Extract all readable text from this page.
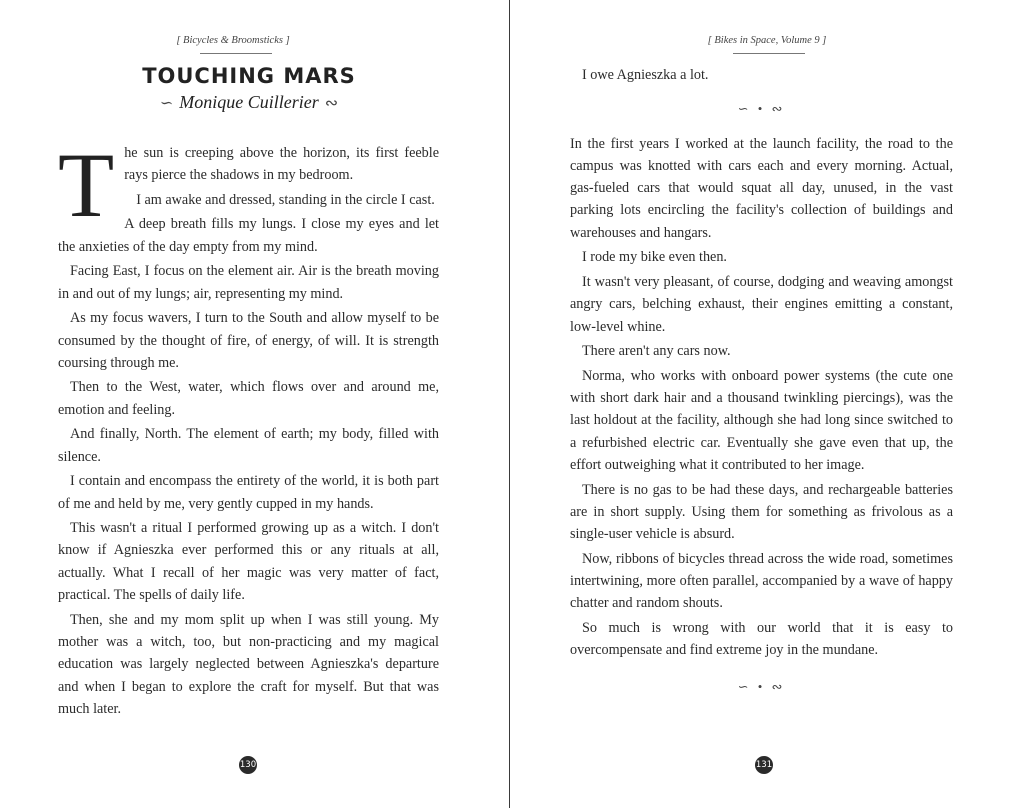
[ Bicycles & Broomsticks ]
TOUCHING MARS
∽ Monique Cuillerier ∾

The sun is creeping above the horizon, its first feeble rays pierce the shadows in my bedroom.

I am awake and dressed, standing in the circle I cast.

A deep breath fills my lungs. I close my eyes and let the anxieties of the day empty from my mind.

Facing East, I focus on the element air. Air is the breath moving in and out of my lungs; air, representing my mind.

As my focus wavers, I turn to the South and allow myself to be consumed by the thought of fire, of energy, of will. It is strength coursing through me.

Then to the West, water, which flows over and around me, emotion and feeling.

And finally, North. The element of earth; my body, filled with silence.

I contain and encompass the entirety of the world, it is both part of me and held by me, very gently cupped in my hands.

This wasn't a ritual I performed growing up as a witch. I don't know if Agnieszka ever performed this or any rituals at all, actually. What I recall of her magic was very matter of fact, practical. The spells of daily life.

Then, she and my mom split up when I was still young. My mother was a witch, too, but non-practicing and my magical education was largely neglected between Agnieszka's departure and when I began to explore the craft for myself. But that was much later.

130
[ Bikes in Space, Volume 9 ]

I owe Agnieszka a lot.

∽ • ∾

In the first years I worked at the launch facility, the road to the campus was knotted with cars each and every morning. Actual, gas-fueled cars that would squat all day, unused, in the vast parking lots encircling the facility's collection of buildings and warehouses and hangars.

I rode my bike even then.

It wasn't very pleasant, of course, dodging and weaving amongst angry cars, belching exhaust, their engines emitting a constant, low-level whine.

There aren't any cars now.

Norma, who works with onboard power systems (the cute one with short dark hair and a thousand twinkling piercings), was the last holdout at the facility, although she had long since switched to a refurbished electric car. Eventually she gave even that up, the effort outweighing what it contributed to her image.

There is no gas to be had these days, and rechargeable batteries are in short supply. Using them for something as frivolous as a single-user vehicle is absurd.

Now, ribbons of bicycles thread across the wide road, sometimes intertwining, more often parallel, accompanied by a wave of happy chatter and random shouts.

So much is wrong with our world that it is easy to overcompensate and find extreme joy in the mundane.

∽ • ∾
131
